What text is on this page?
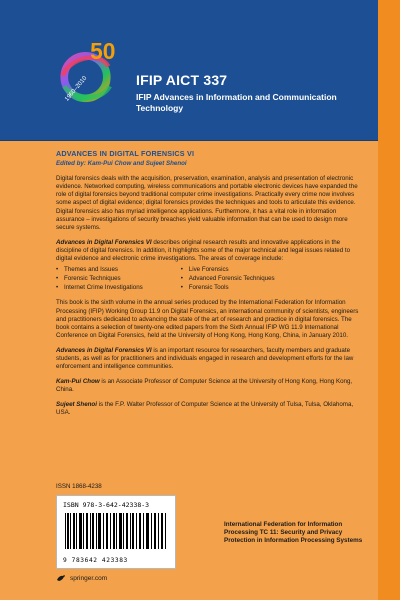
50
1960–2010	IFIP AICT 337
IFIP Advances in Information and Communication Technology
ADVANCES IN DIGITAL FORENSICS VI
Edited by: Kam-Pui Chow and Sujeet Shenoi
Digital forensics deals with the acquisition, preservation, examination, analysis and presentation of electronic evidence. Networked computing, wireless communications and portable electronic devices have expanded the role of digital forensics beyond traditional computer crime investigations. Practically every crime now involves some aspect of digital evidence; digital forensics provides the techniques and tools to articulate this evidence. Digital forensics also has myriad intelligence applications. Furthermore, it has a vital role in information assurance – investigations of security breaches yield valuable information that can be used to design more secure systems.
Advances in Digital Forensics VI describes original research results and innovative applications in the discipline of digital forensics. In addition, it highlights some of the major technical and legal issues related to digital evidence and electronic crime investigations. The areas of coverage include:
• Themes and Issues
• Forensic Techniques
• Internet Crime Investigations
• Live Forensics
• Advanced Forensic Techniques
• Forensic Tools
This book is the sixth volume in the annual series produced by the International Federation for Information Processing (IFIP) Working Group 11.9 on Digital Forensics, an international community of scientists, engineers and practitioners dedicated to advancing the state of the art of research and practice in digital forensics. The book contains a selection of twenty-one edited papers from the Sixth Annual IFIP WG 11.9 International Conference on Digital Forensics, held at the University of Hong Kong, Hong Kong, China, in January 2010.
Advances in Digital Forensics VI is an important resource for researchers, faculty members and graduate students, as well as for practitioners and individuals engaged in research and development efforts for the law enforcement and intelligence communities.
Kam-Pui Chow is an Associate Professor of Computer Science at the University of Hong Kong, Hong Kong, China.
Sujeet Shenoi is the F.P. Walter Professor of Computer Science at the University of Tulsa, Tulsa, Oklahoma, USA.
ISSN 1868-4238
ISBN 978-3-642-42338-3
9 783642 423383
springer.com
International Federation for Information Processing TC 11: Security and Privacy Protection in Information Processing Systems
